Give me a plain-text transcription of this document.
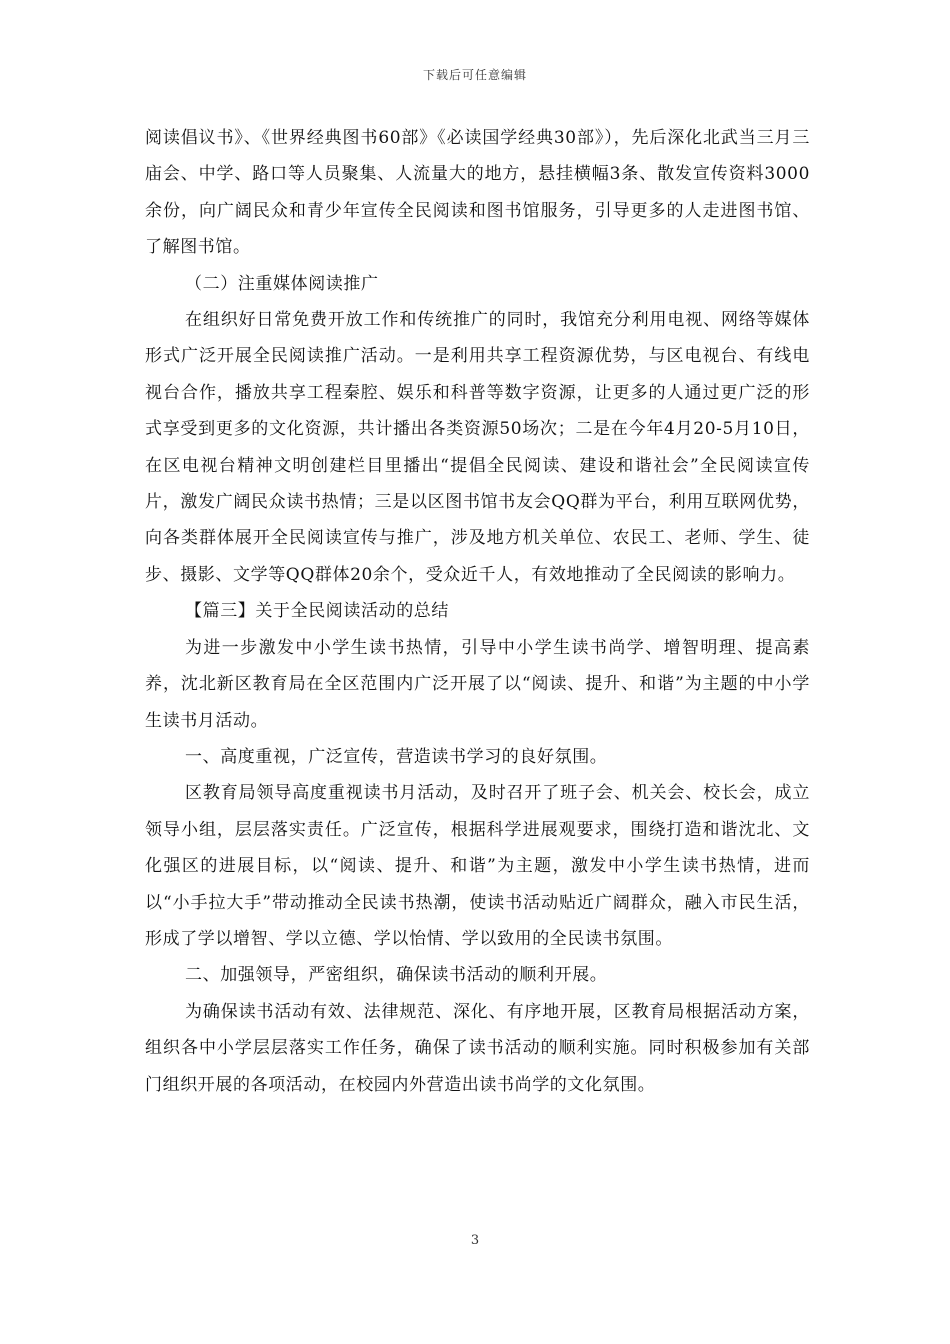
下载后可任意编辑

阅读倡议书》、《世界经典图书60部》《必读国学经典30部》），先后深化北武当三月三庙会、中学、路口等人员聚集、人流量大的地方，悬挂横幅3条、散发宣传资料3000余份，向广阔民众和青少年宣传全民阅读和图书馆服务，引导更多的人走进图书馆、了解图书馆。

（二）注重媒体阅读推广

在组织好日常免费开放工作和传统推广的同时，我馆充分利用电视、网络等媒体形式广泛开展全民阅读推广活动。一是利用共享工程资源优势，与区电视台、有线电视台合作，播放共享工程秦腔、娱乐和科普等数字资源，让更多的人通过更广泛的形式享受到更多的文化资源，共计播出各类资源50场次；二是在今年4月20-5月10日，在区电视台精神文明创建栏目里播出“提倡全民阅读、建设和谐社会”全民阅读宣传片，激发广阔民众读书热情；三是以区图书馆书友会QQ群为平台，利用互联网优势，向各类群体展开全民阅读宣传与推广，涉及地方机关单位、农民工、老师、学生、徒步、摄影、文学等QQ群体20余个，受众近千人，有效地推动了全民阅读的影响力。

【篇三】关于全民阅读活动的总结

为进一步激发中小学生读书热情，引导中小学生读书尚学、增智明理、提高素养，沈北新区教育局在全区范围内广泛开展了以“阅读、提升、和谐”为主题的中小学生读书月活动。

一、高度重视，广泛宣传，营造读书学习的良好氛围。

区教育局领导高度重视读书月活动，及时召开了班子会、机关会、校长会，成立领导小组，层层落实责任。广泛宣传，根据科学进展观要求，围绕打造和谐沈北、文化强区的进展目标，以“阅读、提升、和谐”为主题，激发中小学生读书热情，进而以“小手拉大手”带动推动全民读书热潮，使读书活动贴近广阔群众，融入市民生活，形成了学以增智、学以立德、学以怡情、学以致用的全民读书氛围。

二、加强领导，严密组织，确保读书活动的顺利开展。

为确保读书活动有效、法律规范、深化、有序地开展，区教育局根据活动方案，组织各中小学层层落实工作任务，确保了读书活动的顺利实施。同时积极参加有关部门组织开展的各项活动，在校园内外营造出读书尚学的文化氛围。

3
